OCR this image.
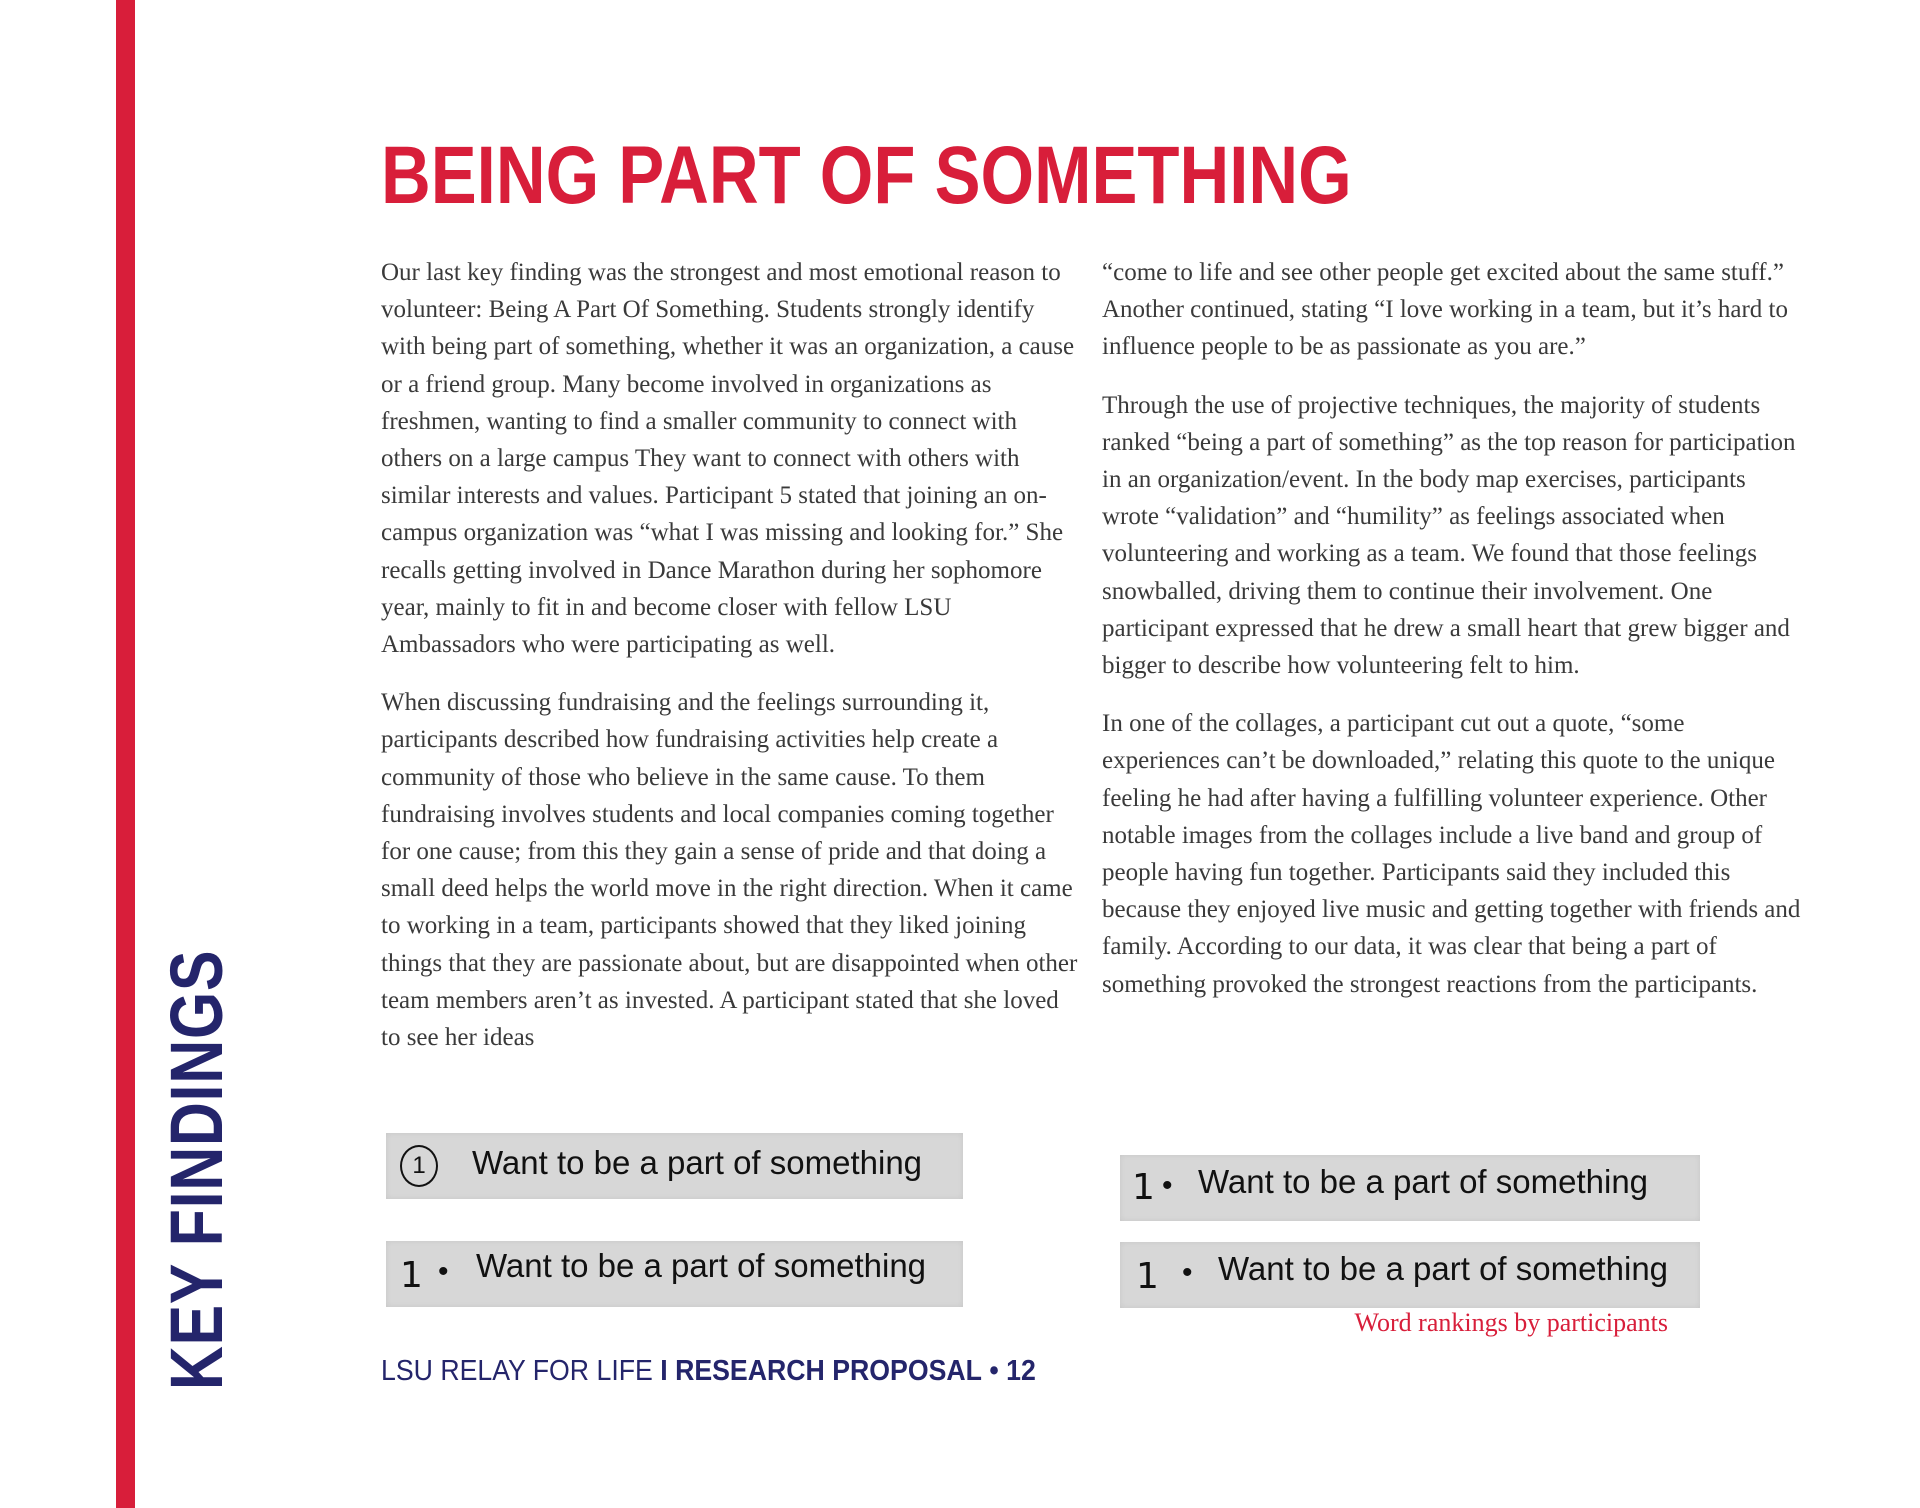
KEY FINDINGS
BEING PART OF SOMETHING

Our last key finding was the strongest and most emotional reason to volunteer: Being A Part Of Something. Students strongly identify with being part of something, whether it was an organization, a cause or a friend group. Many become involved in organizations as freshmen, wanting to find a smaller community to connect with others on a large campus They want to connect with others with similar interests and values. Participant 5 stated that joining an on-campus organization was “what I was missing and looking for.” She recalls getting involved in Dance Marathon during her sophomore year, mainly to fit in and become closer with fellow LSU Ambassadors who were participating as well.

When discussing fundraising and the feelings surrounding it, participants described how fundraising activities help create a community of those who believe in the same cause. To them fundraising involves students and local companies coming together for one cause; from this they gain a sense of pride and that doing a small deed helps the world move in the right direction. When it came to working in a team, participants showed that they liked joining things that they are passionate about, but are disappointed when other team members aren’t as invested. A participant stated that she loved to see her ideas

“come to life and see other people get excited about the same stuff.” Another continued, stating “I love working in a team, but it’s hard to influence people to be as passionate as you are.”

Through the use of projective techniques, the majority of students ranked “being a part of something” as the top reason for participation in an organization/event. In the body map exercises, participants wrote “validation” and “humility” as feelings associated when volunteering and working as a team. We found that those feelings snowballed, driving them to continue their involvement. One participant expressed that he drew a small heart that grew bigger and bigger to describe how volunteering felt to him.

In one of the collages, a participant cut out a quote, “some experiences can’t be downloaded,” relating this quote to the unique feeling he had after having a fulfilling volunteer experience. Other notable images from the collages include a live band and group of people having fun together. Participants said they included this because they enjoyed live music and getting together with friends and family. According to our data, it was clear that being a part of something provoked the strongest reactions from the participants.

1	Want to be a part of something
1 • Want to be a part of something
1 • Want to be a part of something
1 • Want to be a part of something
Word rankings by participants
LSU RELAY FOR LIFE I RESEARCH PROPOSAL • 12
